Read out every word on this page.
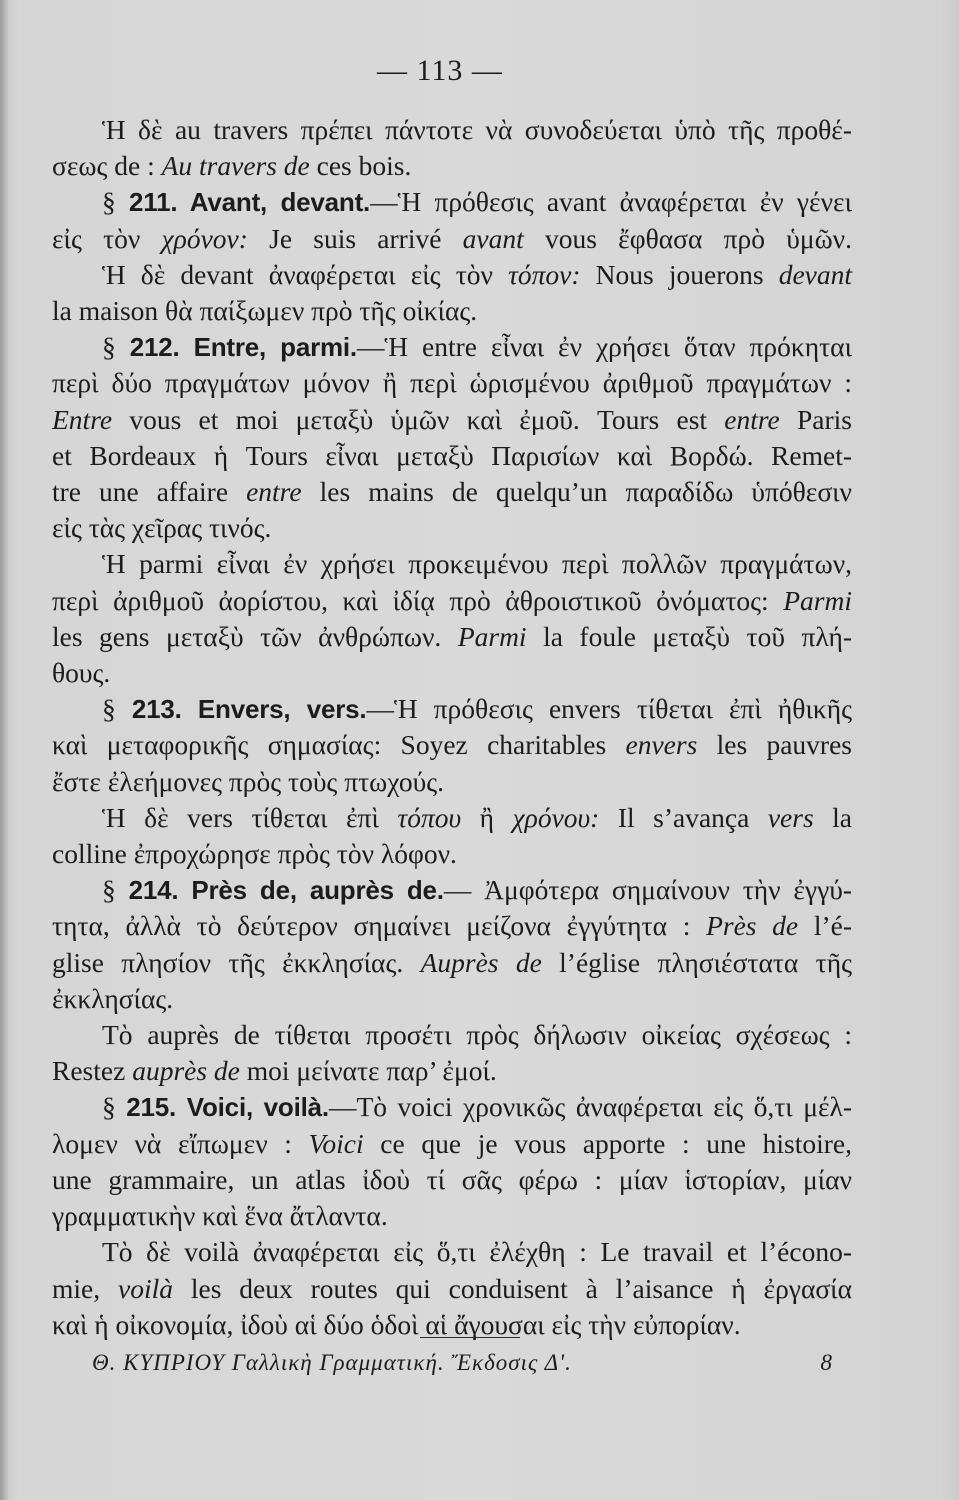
— 113 —
Ἡ δὲ au travers πρέπει πάντοτε νὰ συνοδεύεται ὑπὸ τῆς προθέ-
σεως de : Au travers de ces bois.
§ 211. Avant, devant.—Ἡ πρόθεσις avant ἀναφέρεται ἐν γένει
εἰς τὸν χρόνον: Je suis arrivé avant vous ἔφθασα πρὸ ὑμῶν.
Ἡ δὲ devant ἀναφέρεται εἰς τὸν τόπον: Nous jouerons devant
la maison θὰ παίξωμεν πρὸ τῆς οἰκίας.
§ 212. Entre, parmi.—Ἡ entre εἶναι ἐν χρήσει ὅταν πρόκηται
περὶ δύο πραγμάτων μόνον ἢ περὶ ὡρισμένου ἀριθμοῦ πραγμάτων :
Entre vous et moi μεταξὺ ὑμῶν καὶ ἐμοῦ. Tours est entre Paris
et Bordeaux ἡ Tours εἶναι μεταξὺ Παρισίων καὶ Βορδώ. Remet-
tre une affaire entre les mains de quelqu’un παραδίδω ὑπόθεσιν
εἰς τὰς χεῖρας τινός.
Ἡ parmi εἶναι ἐν χρήσει προκειμένου περὶ πολλῶν πραγμάτων,
περὶ ἀριθμοῦ ἀορίστου, καὶ ἰδίᾳ πρὸ ἀθροιστικοῦ ὀνόματος: Parmi
les gens μεταξὺ τῶν ἀνθρώπων. Parmi la foule μεταξὺ τοῦ πλή-
θους.
§ 213. Envers, vers.—Ἡ πρόθεσις envers τίθεται ἐπὶ ἠθικῆς
καὶ μεταφορικῆς σημασίας: Soyez charitables envers les pauvres
ἔστε ἐλεήμονες πρὸς τοὺς πτωχούς.
Ἡ δὲ vers τίθεται ἐπὶ τόπου ἢ χρόνου: Il s’avança vers la
colline ἐπροχώρησε πρὸς τὸν λόφον.
§ 214. Près de, auprès de.— Ἀμφότερα σημαίνουν τὴν ἐγγύ-
τητα, ἀλλὰ τὸ δεύτερον σημαίνει μείζονα ἐγγύτητα : Près de l’é-
glise πλησίον τῆς ἐκκλησίας. Auprès de l’église πλησιέστατα τῆς
ἐκκλησίας.
Τὸ auprès de τίθεται προσέτι πρὸς δήλωσιν οἰκείας σχέσεως :
Restez auprès de moi μείνατε παρ’ ἐμοί.
§ 215. Voici, voilà.—Τὸ voici χρονικῶς ἀναφέρεται εἰς ὅ,τι μέλ-
λομεν νὰ εἴπωμεν : Voici ce que je vous apporte : une histoire,
une grammaire, un atlas ἰδοὺ τί σᾶς φέρω : μίαν ἱστορίαν, μίαν
γραμματικὴν καὶ ἕνα ἄτλαντα.
Τὸ δὲ voilà ἀναφέρεται εἰς ὅ,τι ἐλέχθη : Le travail et l’écono-
mie, voilà les deux routes qui conduisent à l’aisance ἡ ἐργασία
καὶ ἡ οἰκονομία, ἰδοὺ αἱ δύο ὁδοὶ αἱ ἄγουσαι εἰς τὴν εὐπορίαν.
Θ. ΚΥΠΡΙΟΥ Γαλλικὴ Γραμματική. Ἔκδοσις Δ'.	8
